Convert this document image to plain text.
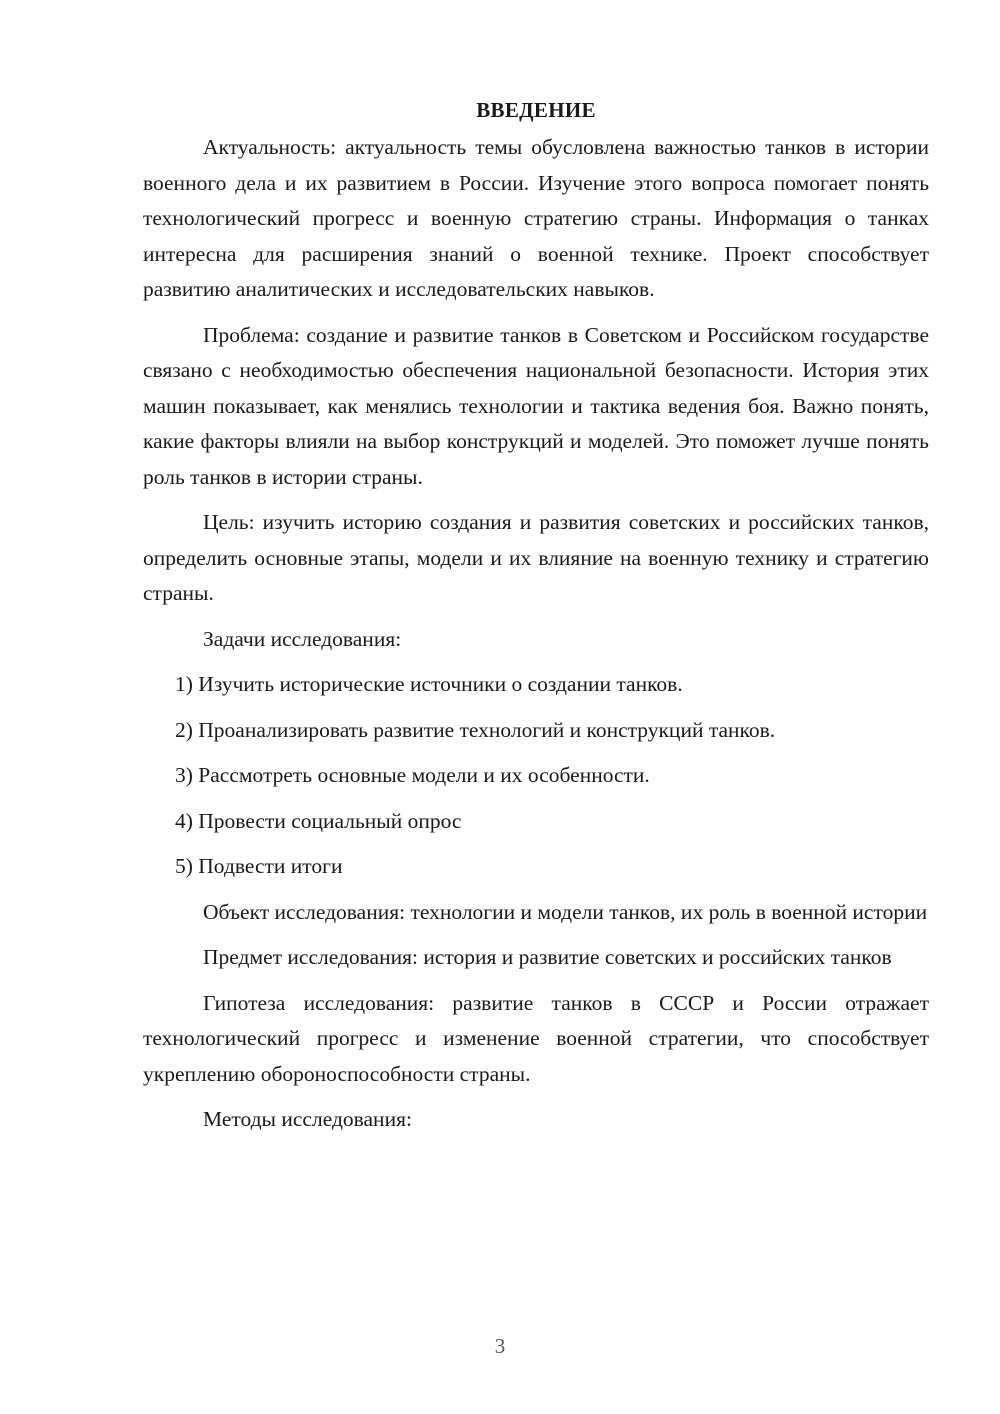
ВВЕДЕНИЕ

Актуальность: актуальность темы обусловлена важностью танков в истории военного дела и их развитием в России. Изучение этого вопроса помогает понять технологический прогресс и военную стратегию страны. Информация о танках интересна для расширения знаний о военной технике. Проект способствует развитию аналитических и исследовательских навыков.

Проблема: создание и развитие танков в Советском и Российском государстве связано с необходимостью обеспечения национальной безопасности. История этих машин показывает, как менялись технологии и тактика ведения боя. Важно понять, какие факторы влияли на выбор конструкций и моделей. Это поможет лучше понять роль танков в истории страны.

Цель: изучить историю создания и развития советских и российских танков, определить основные этапы, модели и их влияние на военную технику и стратегию страны.

Задачи исследования:

1) Изучить исторические источники о создании танков.

2) Проанализировать развитие технологий и конструкций танков.

3) Рассмотреть основные модели и их особенности.

4) Провести социальный опрос

5) Подвести итоги

Объект исследования: технологии и модели танков, их роль в военной истории

Предмет исследования: история и развитие советских и российских танков

Гипотеза исследования: развитие танков в СССР и России отражает технологический прогресс и изменение военной стратегии, что способствует укреплению обороноспособности страны.

Методы исследования:

3
